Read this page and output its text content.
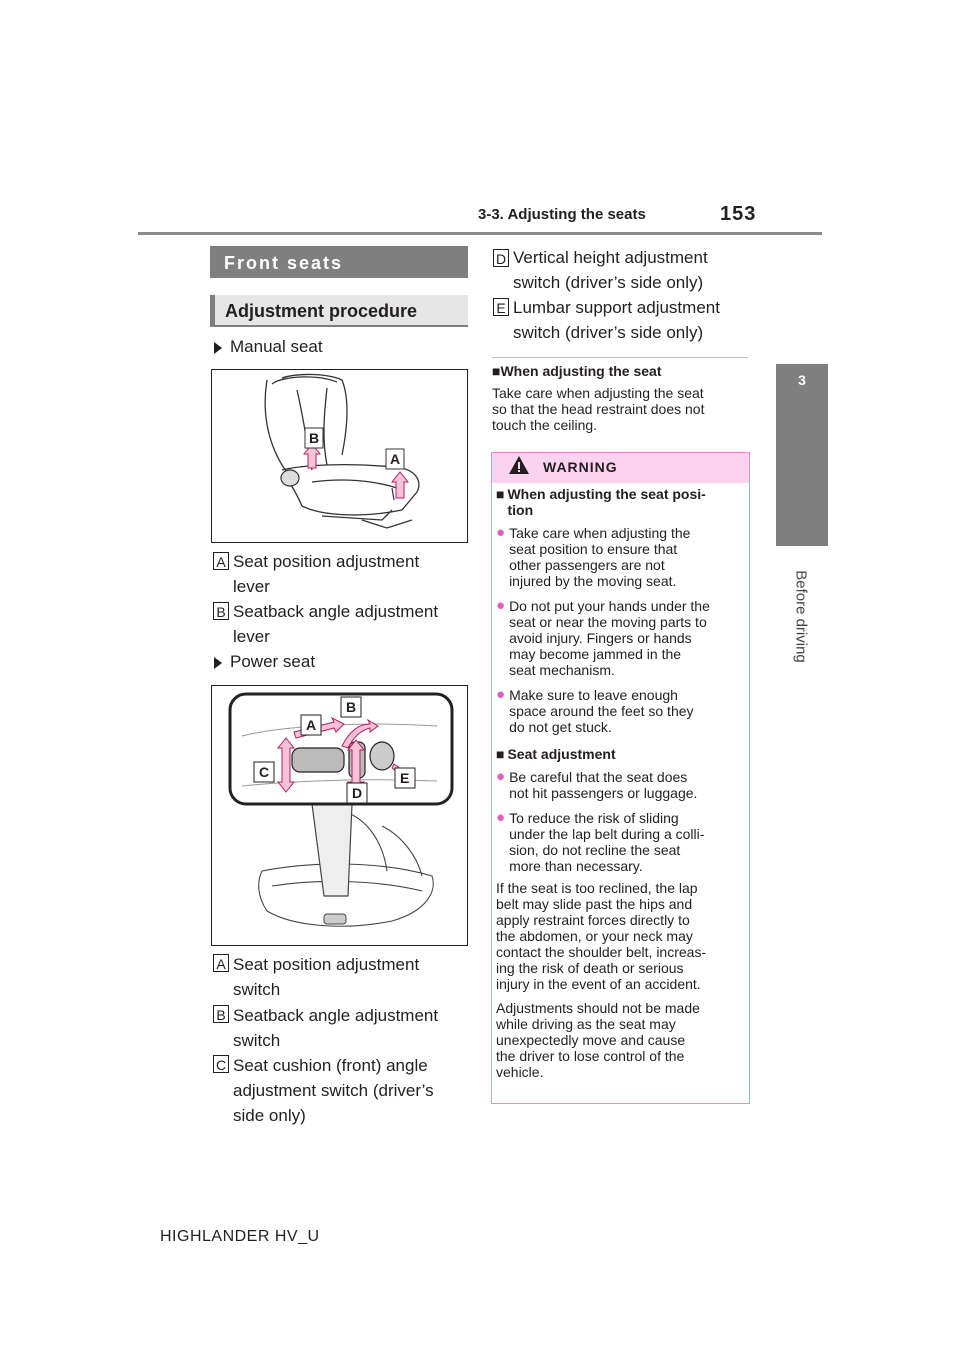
3-3. Adjusting the seats	153
3
Before driving
Front seats
Adjustment procedure
Manual seat
B
A
A Seat position adjustment
lever
B Seatback angle adjustment
lever
Power seat
A
B
C
D
E
A Seat position adjustment
switch
B Seatback angle adjustment
switch
C Seat cushion (front) angle
adjustment switch (driver’s
side only)
D Vertical height adjustment
switch (driver’s side only)
E Lumbar support adjustment
switch (driver’s side only)
■When adjusting the seat
Take care when adjusting the seat
so that the head restraint does not
touch the ceiling.
WARNING
■ When adjusting the seat posi-
tion
● Take care when adjusting the
seat position to ensure that
other passengers are not
injured by the moving seat.
● Do not put your hands under the
seat or near the moving parts to
avoid injury. Fingers or hands
may become jammed in the
seat mechanism.
● Make sure to leave enough
space around the feet so they
do not get stuck.
■ Seat adjustment
● Be careful that the seat does
not hit passengers or luggage.
● To reduce the risk of sliding
under the lap belt during a colli-
sion, do not recline the seat
more than necessary.
If the seat is too reclined, the lap
belt may slide past the hips and
apply restraint forces directly to
the abdomen, or your neck may
contact the shoulder belt, increas-
ing the risk of death or serious
injury in the event of an accident.
Adjustments should not be made
while driving as the seat may
unexpectedly move and cause
the driver to lose control of the
vehicle.
HIGHLANDER HV_U
